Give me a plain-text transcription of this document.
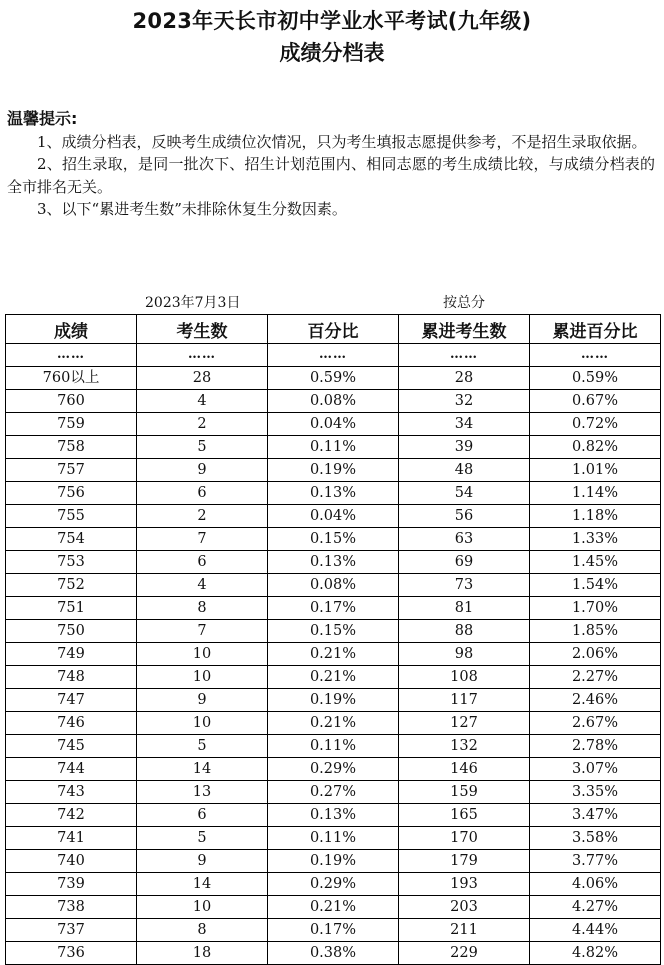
2023年天长市初中学业水平考试(九年级)
成绩分档表
温馨提示:

1、成绩分档表，反映考生成绩位次情况，只为考生填报志愿提供参考，不是招生录取依据。

2、招生录取，是同一批次下、招生计划范围内、相同志愿的考生成绩比较，与成绩分档表的全市排名无关。

3、以下“累进考生数”未排除休复生分数因素。

2023年7月3日	按总分
成绩	考生数	百分比	累进考生数	累进百分比
……	……	……	……	……
760以上	28	0.59%	28	0.59%
760	4	0.08%	32	0.67%
759	2	0.04%	34	0.72%
758	5	0.11%	39	0.82%
757	9	0.19%	48	1.01%
756	6	0.13%	54	1.14%
755	2	0.04%	56	1.18%
754	7	0.15%	63	1.33%
753	6	0.13%	69	1.45%
752	4	0.08%	73	1.54%
751	8	0.17%	81	1.70%
750	7	0.15%	88	1.85%
749	10	0.21%	98	2.06%
748	10	0.21%	108	2.27%
747	9	0.19%	117	2.46%
746	10	0.21%	127	2.67%
745	5	0.11%	132	2.78%
744	14	0.29%	146	3.07%
743	13	0.27%	159	3.35%
742	6	0.13%	165	3.47%
741	5	0.11%	170	3.58%
740	9	0.19%	179	3.77%
739	14	0.29%	193	4.06%
738	10	0.21%	203	4.27%
737	8	0.17%	211	4.44%
736	18	0.38%	229	4.82%
